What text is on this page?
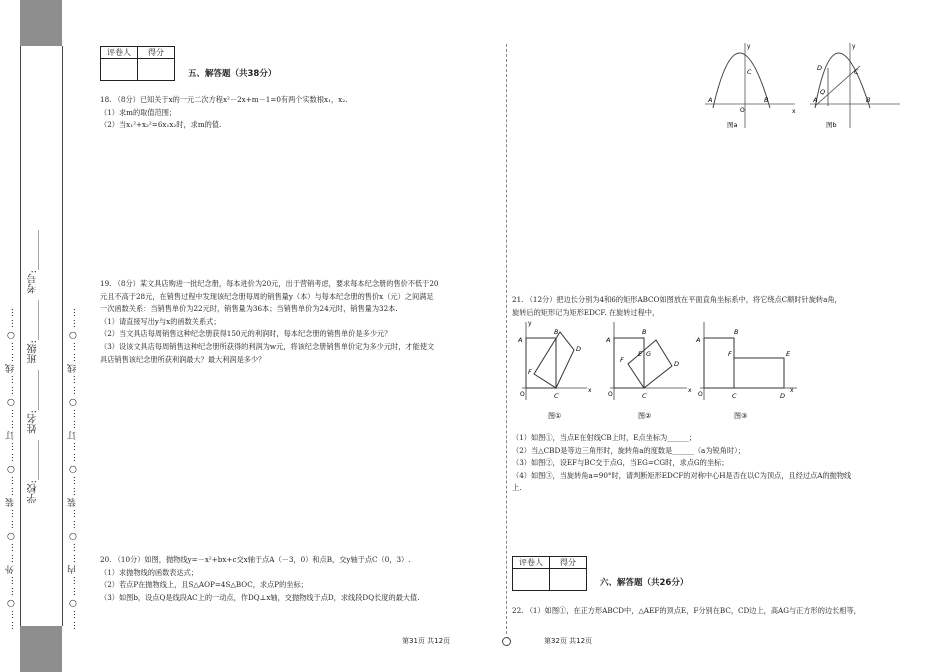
……○……外……○……装……○……订……○……线……○……	……○……内……○……装……○……订……○……线……○……
学校:________
姓名:________
班级:________
考号:________
评卷人	得分

五、解答题（共38分）

18. （8分）已知关于x的一元二次方程x²－2x+m－1=0有两个实数根x₁，x₂.

（1）求m的取值范围；

（2）当x₁²+x₂²=6x₁x₂时，求m的值.

19. （8分）某文具店购进一批纪念册，每本进价为20元，出于营销考虑，要求每本纪念册的售价不低于20

元且不高于28元，在销售过程中发现该纪念册每周的销售量y（本）与每本纪念册的售价x（元）之间满足

一次函数关系：当销售单价为22元时，销售量为36本；当销售单价为24元时，销售量为32本.

（1）请直接写出y与x的函数关系式；

（2）当文具店每周销售这种纪念册获得150元的利润时，每本纪念册的销售单价是多少元？

（3）设该文具店每周销售这种纪念册所获得的利润为w元，将该纪念册销售单价定为多少元时，才能使文

具店销售该纪念册所获利润最大？最大利润是多少？

20. （10分）如图，抛物线y=－x²+bx+c交x轴于点A（－3，0）和点B，交y轴于点C（0，3）.

（1）求抛物线的函数表达式；

（2）若点P在抛物线上，且S△AOP=4S△BOC，求点P的坐标；

（3）如图b，设点Q是线段AC上的一动点，作DQ⊥x轴，交抛物线于点D，求线段DQ长度的最大值.

A	B
C
O
y
x
图a
D
Q
C
B
A
y
图b

21. （12分）把边长分别为4和6的矩形ABCO如图放在平面直角坐标系中，将它绕点C顺时针旋转a角，

旋转后的矩形记为矩形EDCF. 在旋转过程中，

A
B
D
F
C
O
x
y
A
B
E G
D
F
C
O
x
A
B
F	E
D
C
O
x
图①	图②	图③

（1）如图①，当点E在射线CB上时，E点坐标为______；

（2）当△CBD是等边三角形时，旋转角a的度数是______（a为锐角时）；

（3）如图②，设EF与BC交于点G，当EG=CG时，求点G的坐标；

（4）如图③，当旋转角a=90°时，请判断矩形EDCF的对称中心H是否在以C为顶点，且经过点A的抛物线

上.

评卷人	得分

六、解答题（共26分）

22. （1）如图①，在正方形ABCD中，△AEF的顶点E，F分别在BC，CD边上，高AG与正方形的边长相等，

第31页 共12页	第32页 共12页
